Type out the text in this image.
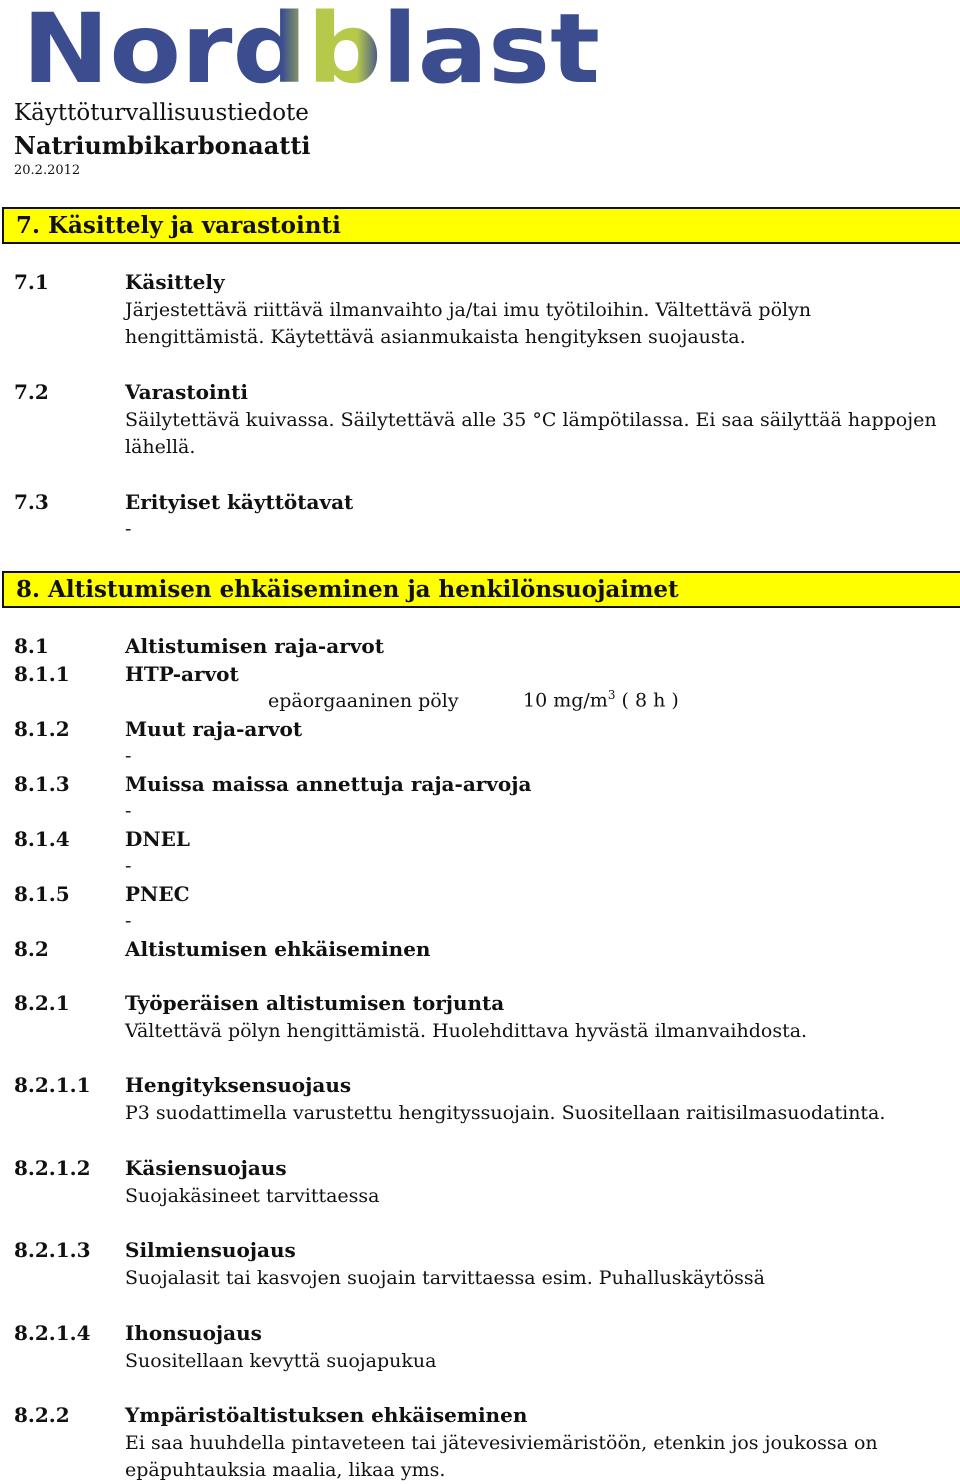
Nordblast
Käyttöturvallisuustiedote
Natriumbikarbonaatti
20.2.2012
7. Käsittely ja varastointi
7.1	Käsittely
Järjestettävä riittävä ilmanvaihto ja/tai imu työtiloihin. Vältettävä pölyn hengittämistä. Käytettävä asianmukaista hengityksen suojausta.
7.2	Varastointi
Säilytettävä kuivassa. Säilytettävä alle 35 °C lämpötilassa. Ei saa säilyttää happojen lähellä.
7.3	Erityiset käyttötavat
-
8. Altistumisen ehkäiseminen ja henkilönsuojaimet
8.1	Altistumisen raja-arvot
8.1.1	HTP-arvot
epäorgaaninen pöly	10 $mg/m^3$ ( 8 h )
8.1.2	Muut raja-arvot
-
8.1.3	Muissa maissa annettuja raja-arvoja
-
8.1.4	DNEL
-
8.1.5	PNEC
-
8.2	Altistumisen ehkäiseminen
8.2.1	Työperäisen altistumisen torjunta
Vältettävä pölyn hengittämistä. Huolehdittava hyvästä ilmanvaihdosta.
8.2.1.1 Hengityksensuojaus
P3 suodattimella varustettu hengityssuojain. Suositellaan raitisilmasuodatinta.
8.2.1.2 Käsiensuojaus
Suojakäsineet tarvittaessa
8.2.1.3 Silmiensuojaus
Suojalasit tai kasvojen suojain tarvittaessa esim. Puhalluskäytössä
8.2.1.4 Ihonsuojaus
Suositellaan kevyttä suojapukua
8.2.2	Ympäristöaltistuksen ehkäiseminen
Ei saa huuhdella pintaveteen tai jätevesiviemäristöön, etenkin jos joukossa on epäpuhtauksia maalia, likaa yms.
